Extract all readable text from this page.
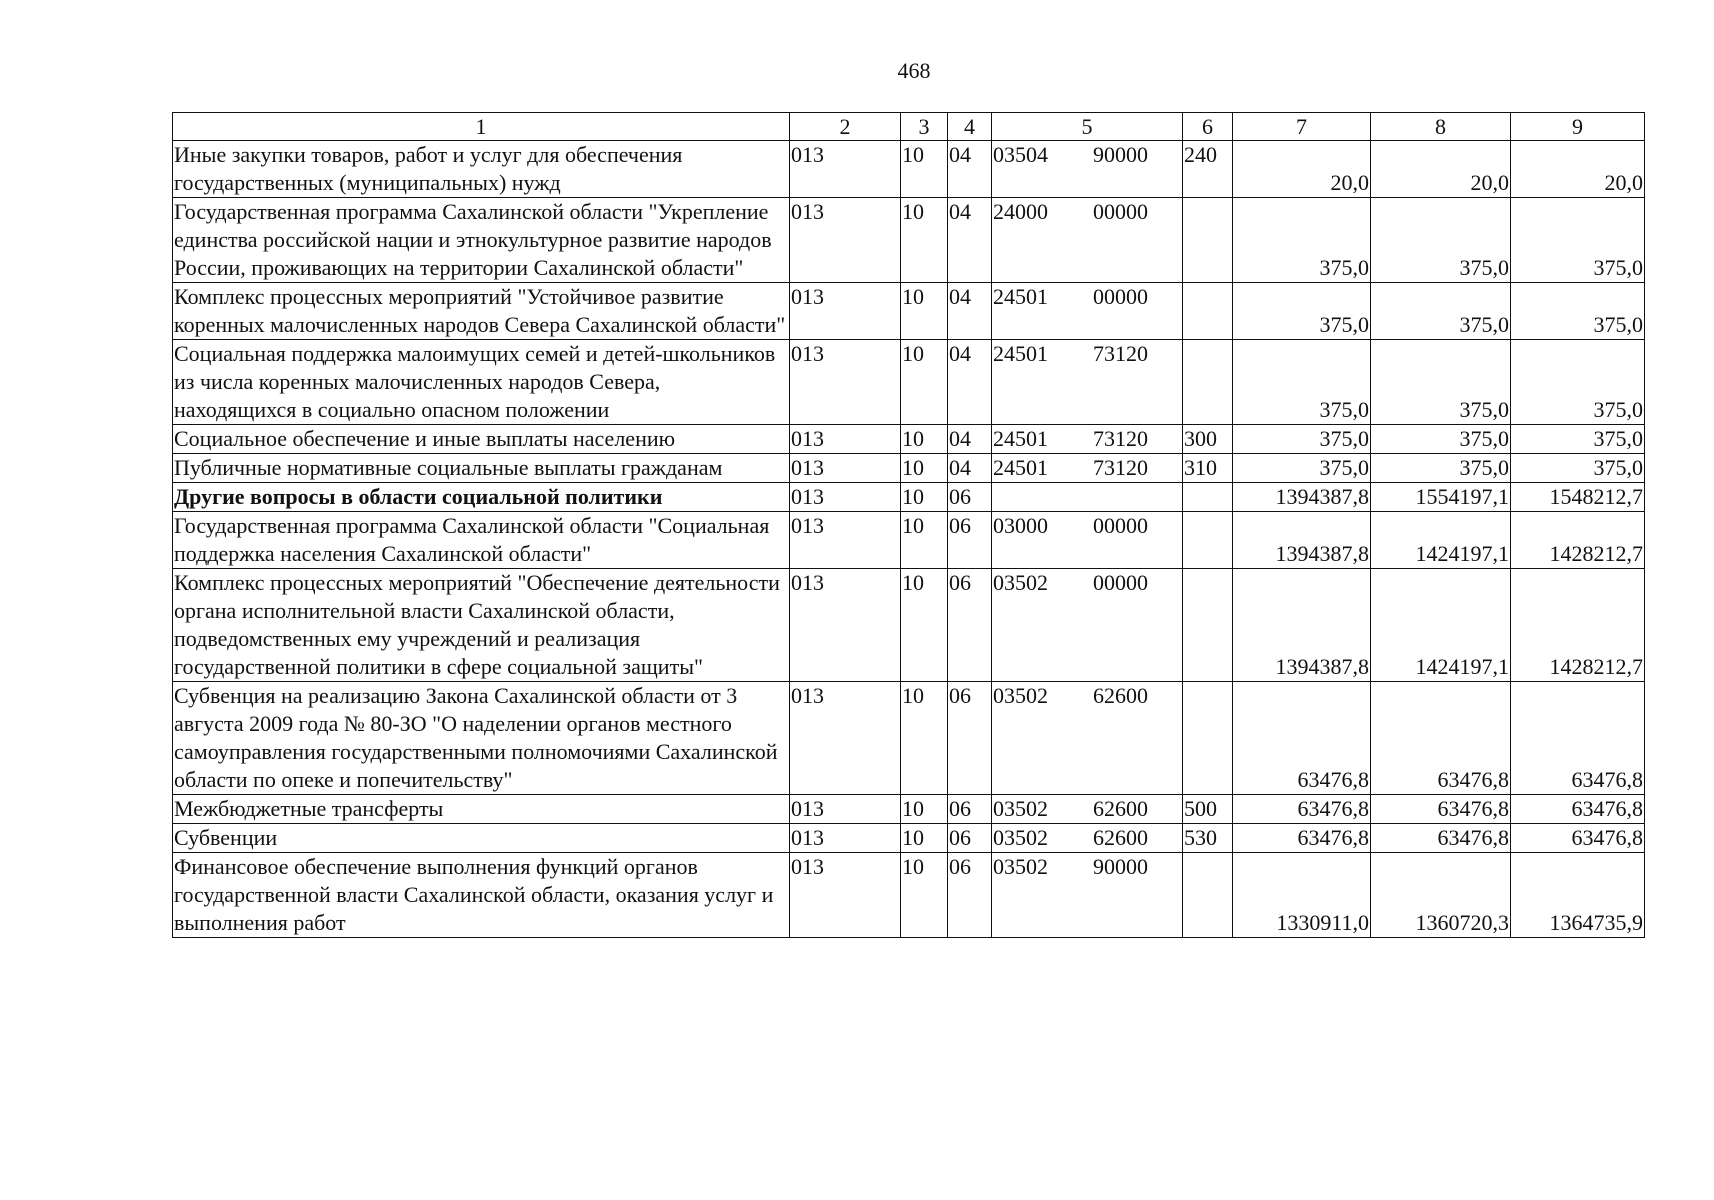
468
1	2	3	4	5	6	7	8	9
Иные закупки товаров, работ и услуг для обеспечения государственных (муниципальных) нужд	013	10	04	03504 90000	240	20,0	20,0	20,0
Государственная программа Сахалинской области "Укрепление единства российской нации и этнокультурное развитие народов России, проживающих на территории Сахалинской области"	013	10	04	24000 00000		375,0	375,0	375,0
Комплекс процессных мероприятий "Устойчивое развитие коренных малочисленных народов Севера Сахалинской области"	013	10	04	24501 00000		375,0	375,0	375,0
Социальная поддержка малоимущих семей и детей-школьников из числа коренных малочисленных народов Севера, находящихся в социально опасном положении	013	10	04	24501 73120		375,0	375,0	375,0
Социальное обеспечение и иные выплаты населению	013	10	04	24501 73120	300	375,0	375,0	375,0
Публичные нормативные социальные выплаты гражданам	013	10	04	24501 73120	310	375,0	375,0	375,0
Другие вопросы в области социальной политики	013	10	06			1394387,8	1554197,1	1548212,7
Государственная программа Сахалинской области "Социальная поддержка населения Сахалинской области"	013	10	06	03000 00000		1394387,8	1424197,1	1428212,7
Комплекс процессных мероприятий "Обеспечение деятельности органа исполнительной власти Сахалинской области, подведомственных ему учреждений и реализация государственной политики в сфере социальной защиты"	013	10	06	03502 00000		1394387,8	1424197,1	1428212,7
Субвенция на реализацию Закона Сахалинской области от 3 августа 2009 года № 80-ЗО "О наделении органов местного самоуправления государственными полномочиями Сахалинской области по опеке и попечительству"	013	10	06	03502 62600		63476,8	63476,8	63476,8
Межбюджетные трансферты	013	10	06	03502 62600	500	63476,8	63476,8	63476,8
Субвенции	013	10	06	03502 62600	530	63476,8	63476,8	63476,8
Финансовое обеспечение выполнения функций органов государственной власти Сахалинской области, оказания услуг и выполнения работ	013	10	06	03502 90000		1330911,0	1360720,3	1364735,9
